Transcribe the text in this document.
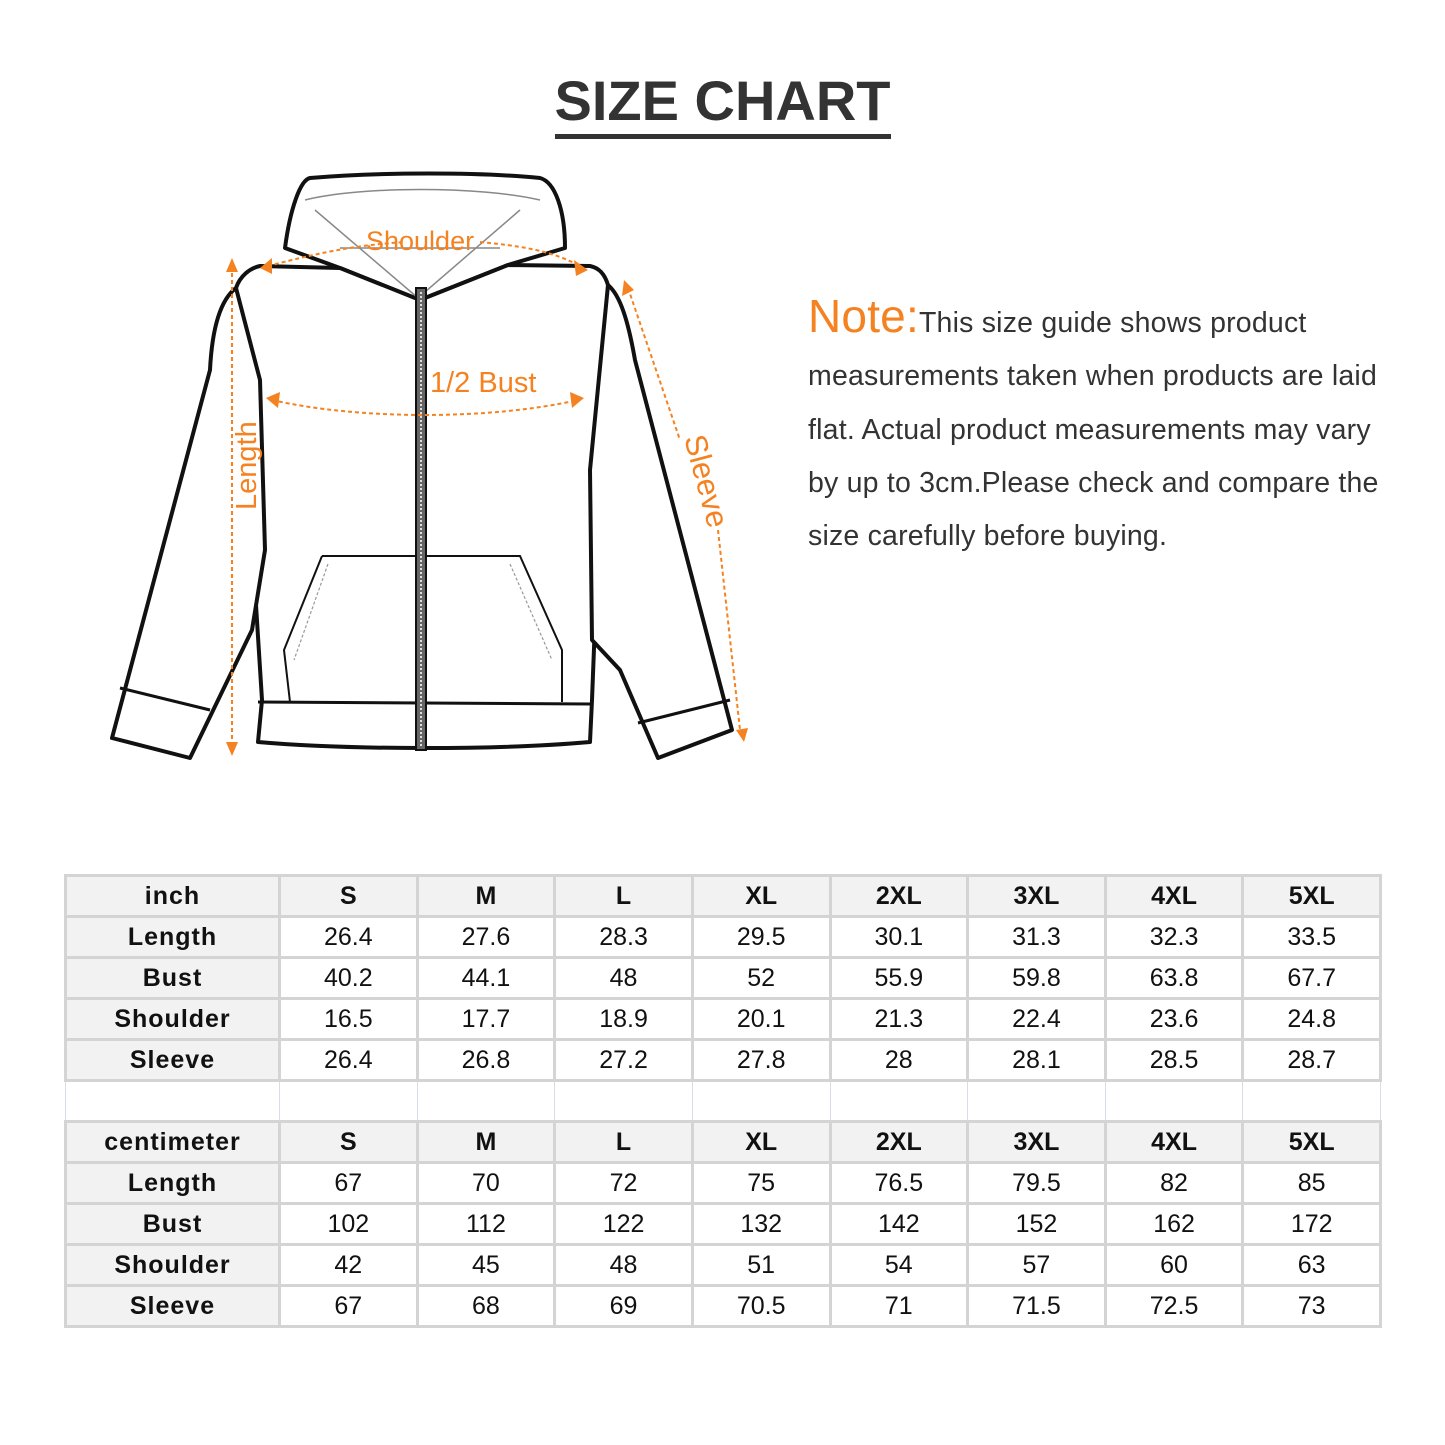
SIZE CHART
Shoulder
1/2 Bust
Length	Sleeve
Note:This size guide shows product measurements taken when products are laid flat. Actual product measurements may vary by up to 3cm.Please check and compare the size carefully before buying.
inch	S	M	L	XL	2XL	3XL	4XL	5XL
Length	26.4	27.6	28.3	29.5	30.1	31.3	32.3	33.5
Bust	40.2	44.1	48	52	55.9	59.8	63.8	67.7
Shoulder	16.5	17.7	18.9	20.1	21.3	22.4	23.6	24.8
Sleeve	26.4	26.8	27.2	27.8	28	28.1	28.5	28.7

centimeter	S	M	L	XL	2XL	3XL	4XL	5XL
Length	67	70	72	75	76.5	79.5	82	85
Bust	102	112	122	132	142	152	162	172
Shoulder	42	45	48	51	54	57	60	63
Sleeve	67	68	69	70.5	71	71.5	72.5	73
